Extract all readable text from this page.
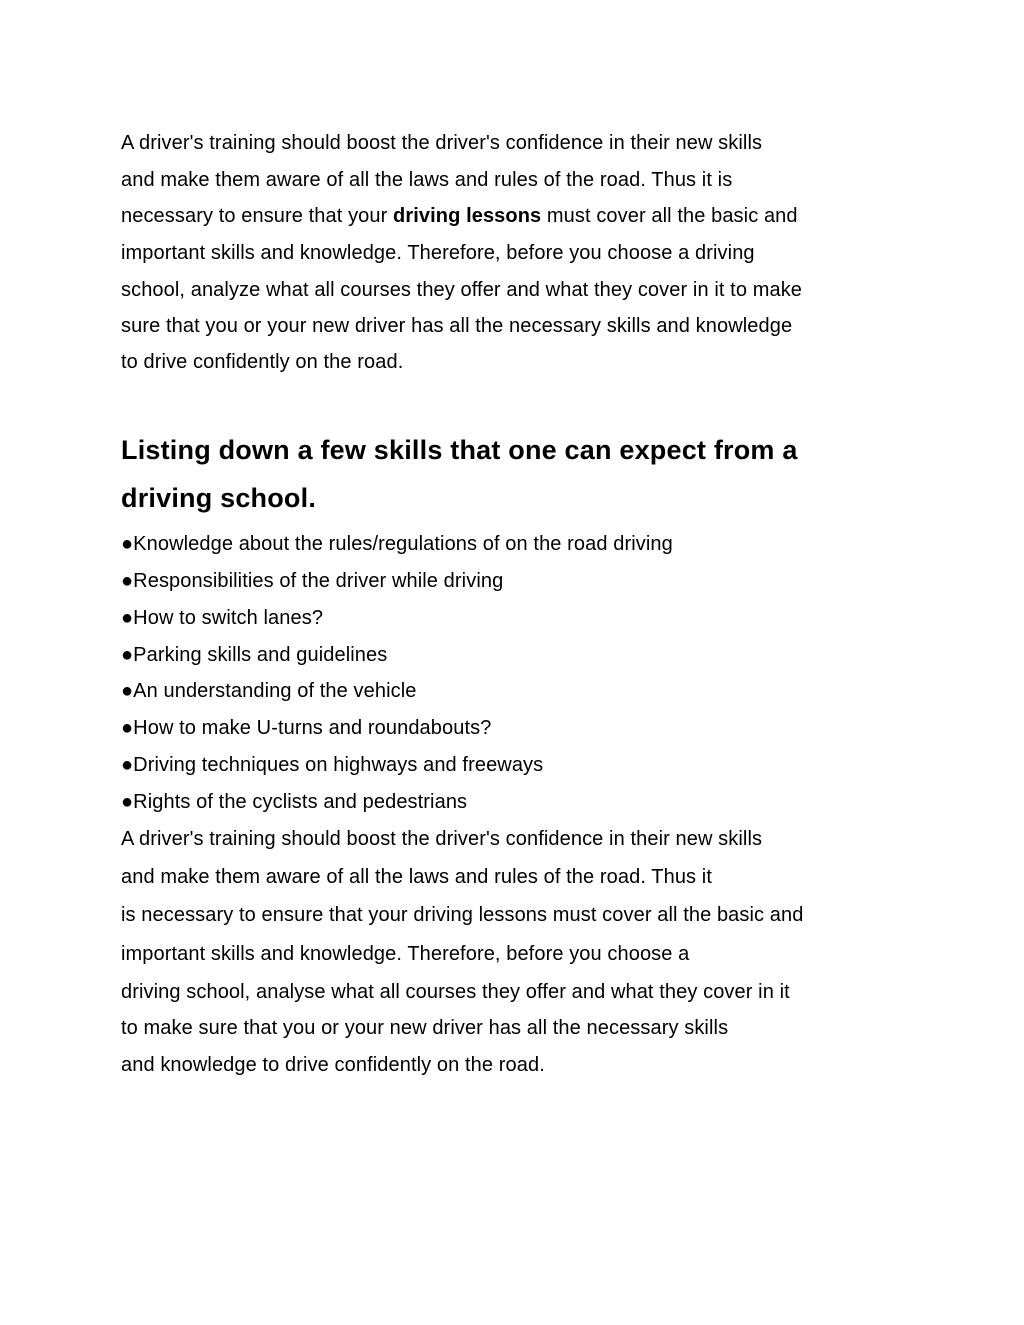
A driver's training should boost the driver's confidence in their new skills
and make them aware of all the laws and rules of the road. Thus it is
necessary to ensure that your driving lessons must cover all the basic and
important skills and knowledge. Therefore, before you choose a driving
school, analyze what all courses they offer and what they cover in it to make
sure that you or your new driver has all the necessary skills and knowledge
to drive confidently on the road.
Listing down a few skills that one can expect from a
driving school.
●Knowledge about the rules/regulations of on the road driving
●Responsibilities of the driver while driving
●How to switch lanes?
●Parking skills and guidelines
●An understanding of the vehicle
●How to make U-turns and roundabouts?
●Driving techniques on highways and freeways
●Rights of the cyclists and pedestrians
A driver's training should boost the driver's confidence in their new skills
and make them aware of all the laws and rules of the road. Thus it
is necessary to ensure that your driving lessons must cover all the basic and
important skills and knowledge. Therefore, before you choose a
driving school, analyse what all courses they offer and what they cover in it
to make sure that you or your new driver has all the necessary skills
and knowledge to drive confidently on the road.
